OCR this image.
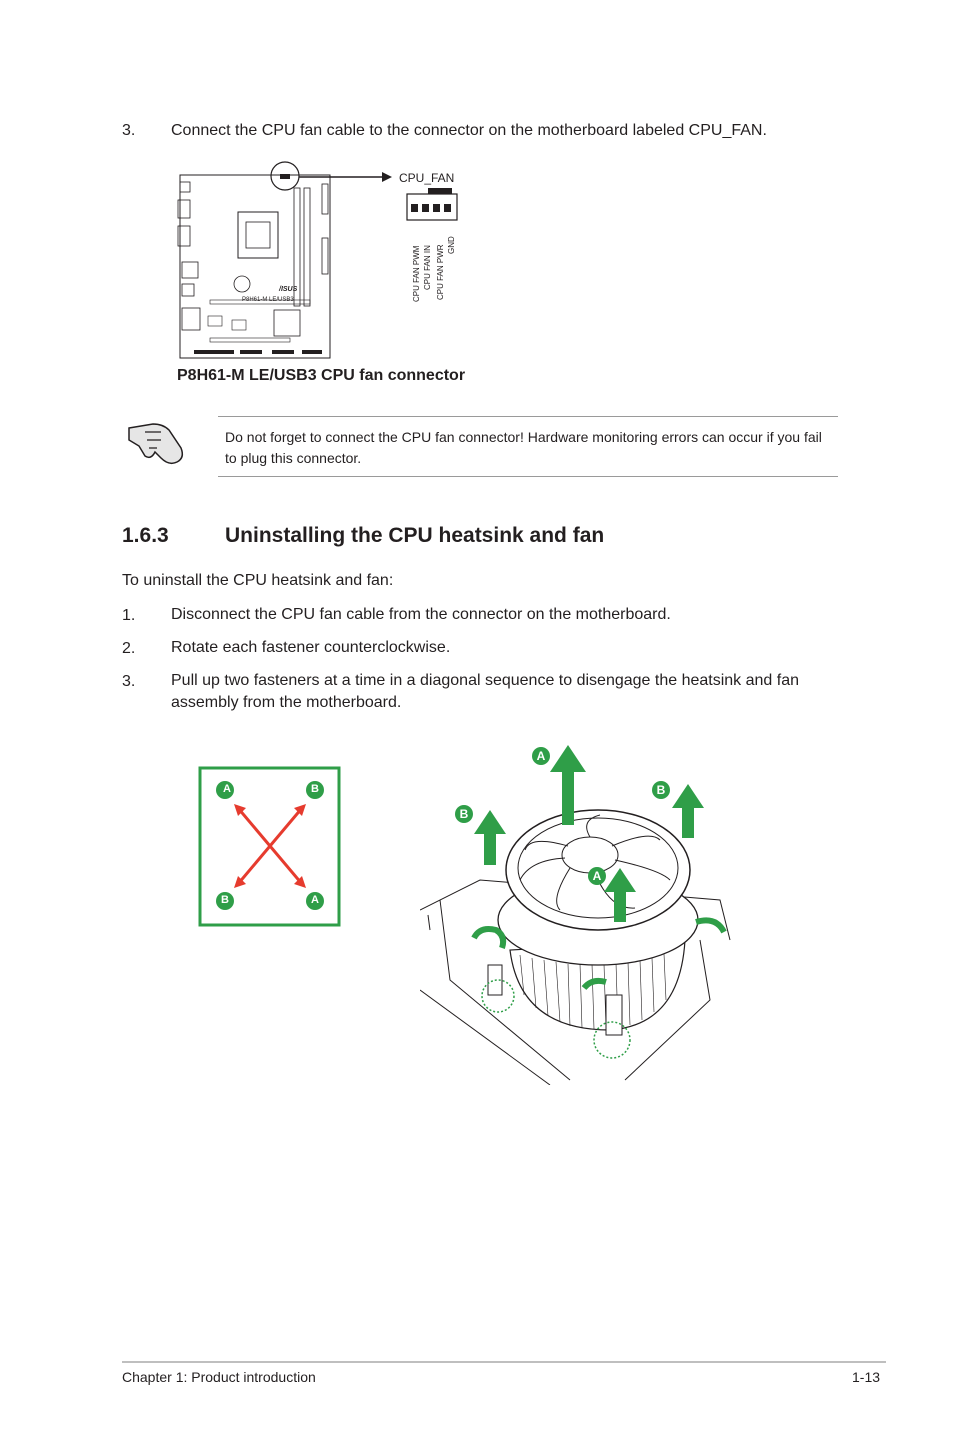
3. Connect the CPU fan cable to the connector on the motherboard labeled CPU_FAN.
CPU_FAN
P8H61-M LE/USB3
/ISUS	CPU FAN PWM CPU FAN IN CPU FAN PWR GND
P8H61-M LE/USB3 CPU fan connector
Do not forget to connect the CPU fan connector! Hardware monitoring errors can occur if you fail to plug this connector.
1.6.3	Uninstalling the CPU heatsink and fan
To uninstall the CPU heatsink and fan:
1. Disconnect the CPU fan cable from the connector on the motherboard.
2. Rotate each fastener counterclockwise.
3. Pull up two fasteners at a time in a diagonal sequence to disengage the heatsink and fan assembly from the motherboard.
A	B
B	A
A
B
B
A
Chapter 1: Product introduction	1-13
